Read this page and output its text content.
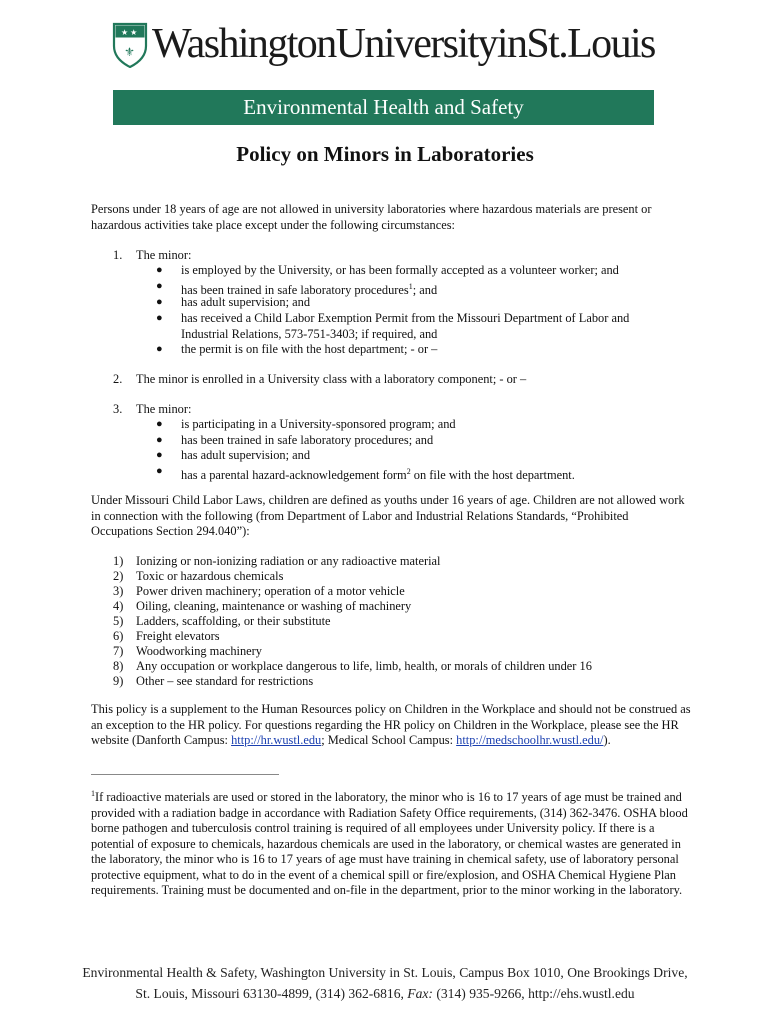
★ ★
⚜ WashingtonUniversityinSt.Louis
Environmental Health and Safety
Policy on Minors in Laboratories
Persons under 18 years of age are not allowed in university laboratories where hazardous materials are present or hazardous activities take place except under the following circumstances:
1. The minor:
● is employed by the University, or has been formally accepted as a volunteer worker; and
● has been trained in safe laboratory procedures$^1$; and
● has adult supervision; and
● has received a Child Labor Exemption Permit from the Missouri Department of Labor and Industrial Relations, 573-751-3403; if required, and
● the permit is on file with the host department; - or –
2. The minor is enrolled in a University class with a laboratory component; - or –
3. The minor:
● is participating in a University-sponsored program; and
● has been trained in safe laboratory procedures; and
● has adult supervision; and
● has a parental hazard-acknowledgement form$^2$ on file with the host department.
Under Missouri Child Labor Laws, children are defined as youths under 16 years of age. Children are not allowed work in connection with the following (from Department of Labor and Industrial Relations Standards, “Prohibited Occupations Section 294.040”):
1) Ionizing or non-ionizing radiation or any radioactive material
2) Toxic or hazardous chemicals
3) Power driven machinery; operation of a motor vehicle
4) Oiling, cleaning, maintenance or washing of machinery
5) Ladders, scaffolding, or their substitute
6) Freight elevators
7) Woodworking machinery
8) Any occupation or workplace dangerous to life, limb, health, or morals of children under 16
9) Other – see standard for restrictions
This policy is a supplement to the Human Resources policy on Children in the Workplace and should not be construed as an exception to the HR policy. For questions regarding the HR policy on Children in the Workplace, please see the HR website (Danforth Campus: http://hr.wustl.edu; Medical School Campus: http://medschoolhr.wustl.edu/).
$^1$If radioactive materials are used or stored in the laboratory, the minor who is 16 to 17 years of age must be trained and provided with a radiation badge in accordance with Radiation Safety Office requirements, (314) 362-3476. OSHA blood borne pathogen and tuberculosis control training is required of all employees under University policy. If there is a potential of exposure to chemicals, hazardous chemicals are used in the laboratory, or chemical wastes are generated in the laboratory, the minor who is 16 to 17 years of age must have training in chemical safety, use of laboratory personal protective equipment, what to do in the event of a chemical spill or fire/explosion, and OSHA Chemical Hygiene Plan requirements. Training must be documented and on-file in the department, prior to the minor working in the laboratory.
Environmental Health & Safety, Washington University in St. Louis, Campus Box 1010, One Brookings Drive,
St. Louis, Missouri 63130-4899, (314) 362-6816, Fax: (314) 935-9266, http://ehs.wustl.edu
